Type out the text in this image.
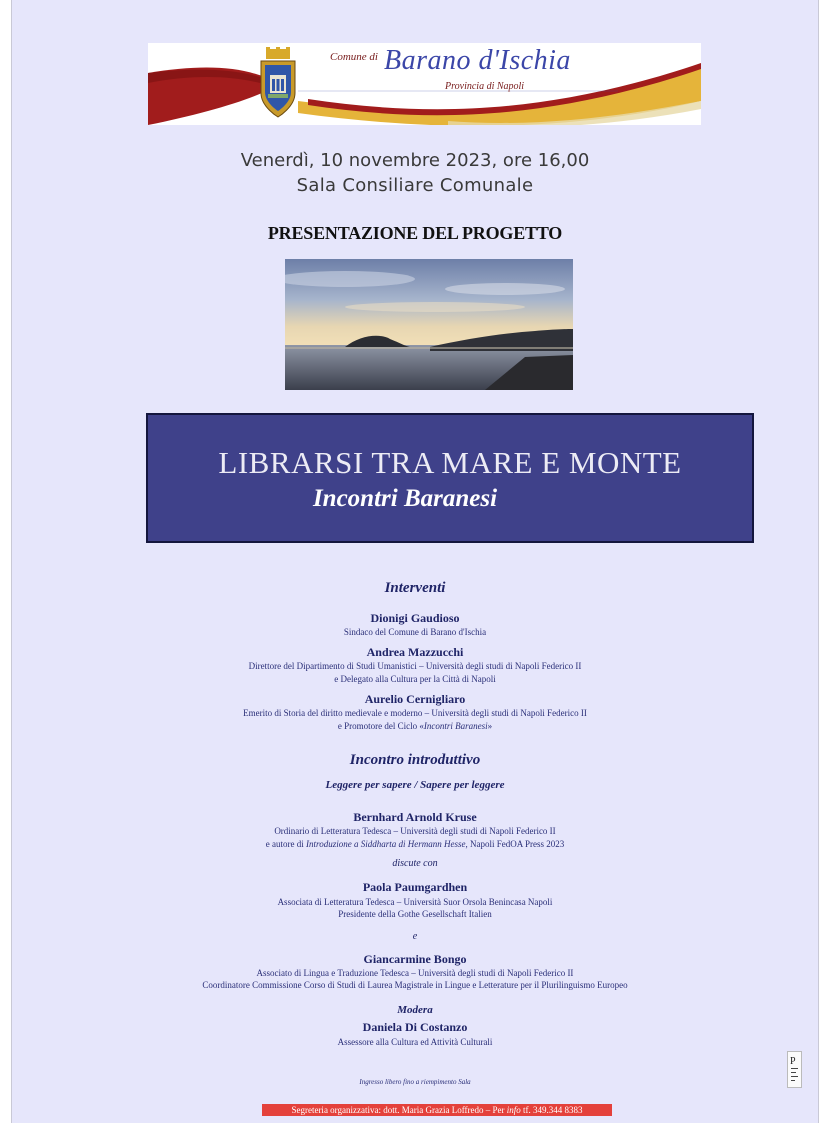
Comune di Barano d'Ischia
Provincia di Napoli
Venerdì, 10 novembre 2023, ore 16,00
Sala Consiliare Comunale
PRESENTAZIONE DEL PROGETTO
LIBRARSI TRA MARE E MONTE
Incontri Baranesi
Interventi
Dionigi Gaudioso
Sindaco del Comune di Barano d'Ischia
Andrea Mazzucchi
Direttore del Dipartimento di Studi Umanistici – Università degli studi di Napoli Federico II
e Delegato alla Cultura per la Città di Napoli
Aurelio Cernigliaro
Emerito di Storia del diritto medievale e moderno – Università degli studi di Napoli Federico II
e Promotore del Ciclo «Incontri Baranesi»
Incontro introduttivo
Leggere per sapere / Sapere per leggere
Bernhard Arnold Kruse
Ordinario di Letteratura Tedesca – Università degli studi di Napoli Federico II
e autore di Introduzione a Siddharta di Hermann Hesse, Napoli FedOA Press 2023
discute con
Paola Paumgardhen
Associata di Letteratura Tedesca – Università Suor Orsola Benincasa Napoli
Presidente della Gothe Gesellschaft Italien
e
Giancarmine Bongo
Associato di Lingua e Traduzione Tedesca – Università degli studi di Napoli Federico II
Coordinatore Commissione Corso di Studi di Laurea Magistrale in Lingue e Letterature per il Plurilinguismo Europeo
Modera
Daniela Di Costanzo
Assessore alla Cultura ed Attività Culturali
Ingresso libero fino a riempimento Sala
Segreteria organizzativa: dott. Maria Grazia Loffredo – Per info tf. 349.344 8383
P
